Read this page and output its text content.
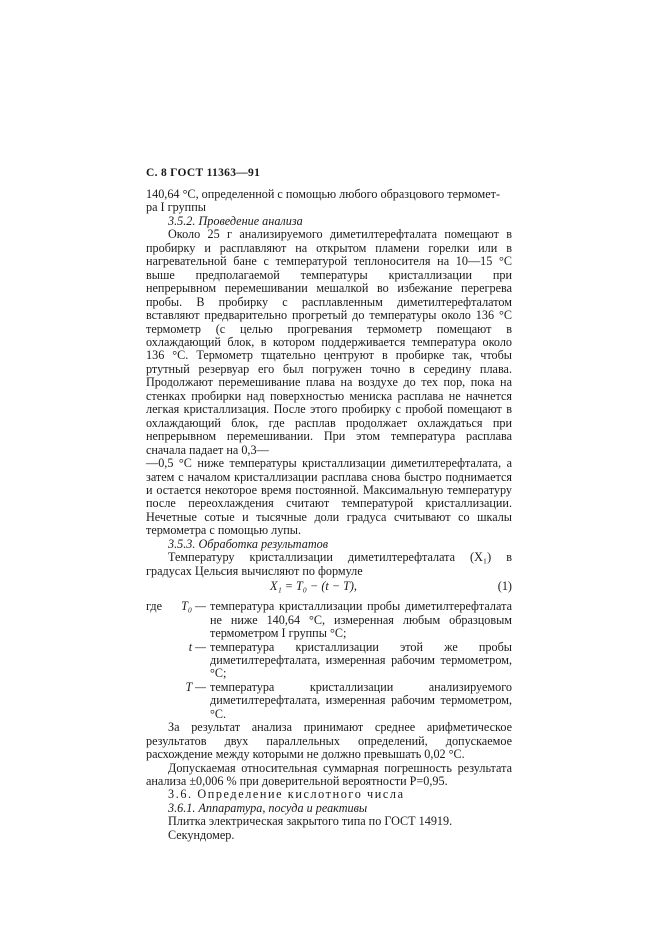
С. 8 ГОСТ 11363—91

140,64 °С, определенной с помощью любого образцового термомет-
ра I группы

3.5.2. Проведение анализа

Около 25 г анализируемого диметилтерефталата помещают в пробирку и расплавляют на открытом пламени горелки или в нагревательной бане с температурой теплоносителя на 10—15 °С выше предполагаемой температуры кристаллизации при непрерывном перемешивании мешалкой во избежание перегрева пробы. В пробирку с расплавленным диметилтерефталатом вставляют предварительно прогретый до температуры около 136 °С термометр (с целью прогревания термометр помещают в охлаждающий блок, в котором поддерживается температура около 136 °С. Термометр тщательно центруют в пробирке так, чтобы ртутный резервуар его был погружен точно в середину плава. Продолжают перемешивание плава на воздухе до тех пор, пока на стенках пробирки над поверхностью мениска расплава не начнется легкая кристаллизация. После этого пробирку с пробой помещают в охлаждающий блок, где расплав продолжает охлаждаться при непрерывном перемешивании. При этом температура расплава сначала падает на 0,3—

—0,5 °С ниже температуры кристаллизации диметилтерефталата, а затем с началом кристаллизации расплава снова быстро поднимается и остается некоторое время постоянной. Максимальную температуру после переохлаждения считают температурой кристаллизации. Нечетные сотые и тысячные доли градуса считывают со шкалы термометра с помощью лупы.

3.5.3. Обработка результатов

Температуру кристаллизации диметилтерефталата (X₁) в градусах Цельсия вычисляют по формуле

X₁ = T₀ − (t − T),	(1)
где	T₀ — температура кристаллизации пробы диметилтерефталата не ниже 140,64 °С, измеренная любым образцовым термометром I группы °С;
t — температура кристаллизации этой же пробы диметилтерефталата, измеренная рабочим термометром, °С;
T — температура кристаллизации анализируемого диметилтерефталата, измеренная рабочим термометром, °С.

За результат анализа принимают среднее арифметическое результатов двух параллельных определений, допускаемое расхождение между которыми не должно превышать 0,02 °С.

Допускаемая относительная суммарная погрешность результата анализа ±0,006 % при доверительной вероятности P=0,95.

3.6. Определение кислотного числа

3.6.1. Аппаратура, посуда и реактивы

Плитка электрическая закрытого типа по ГОСТ 14919.

Секундомер.
